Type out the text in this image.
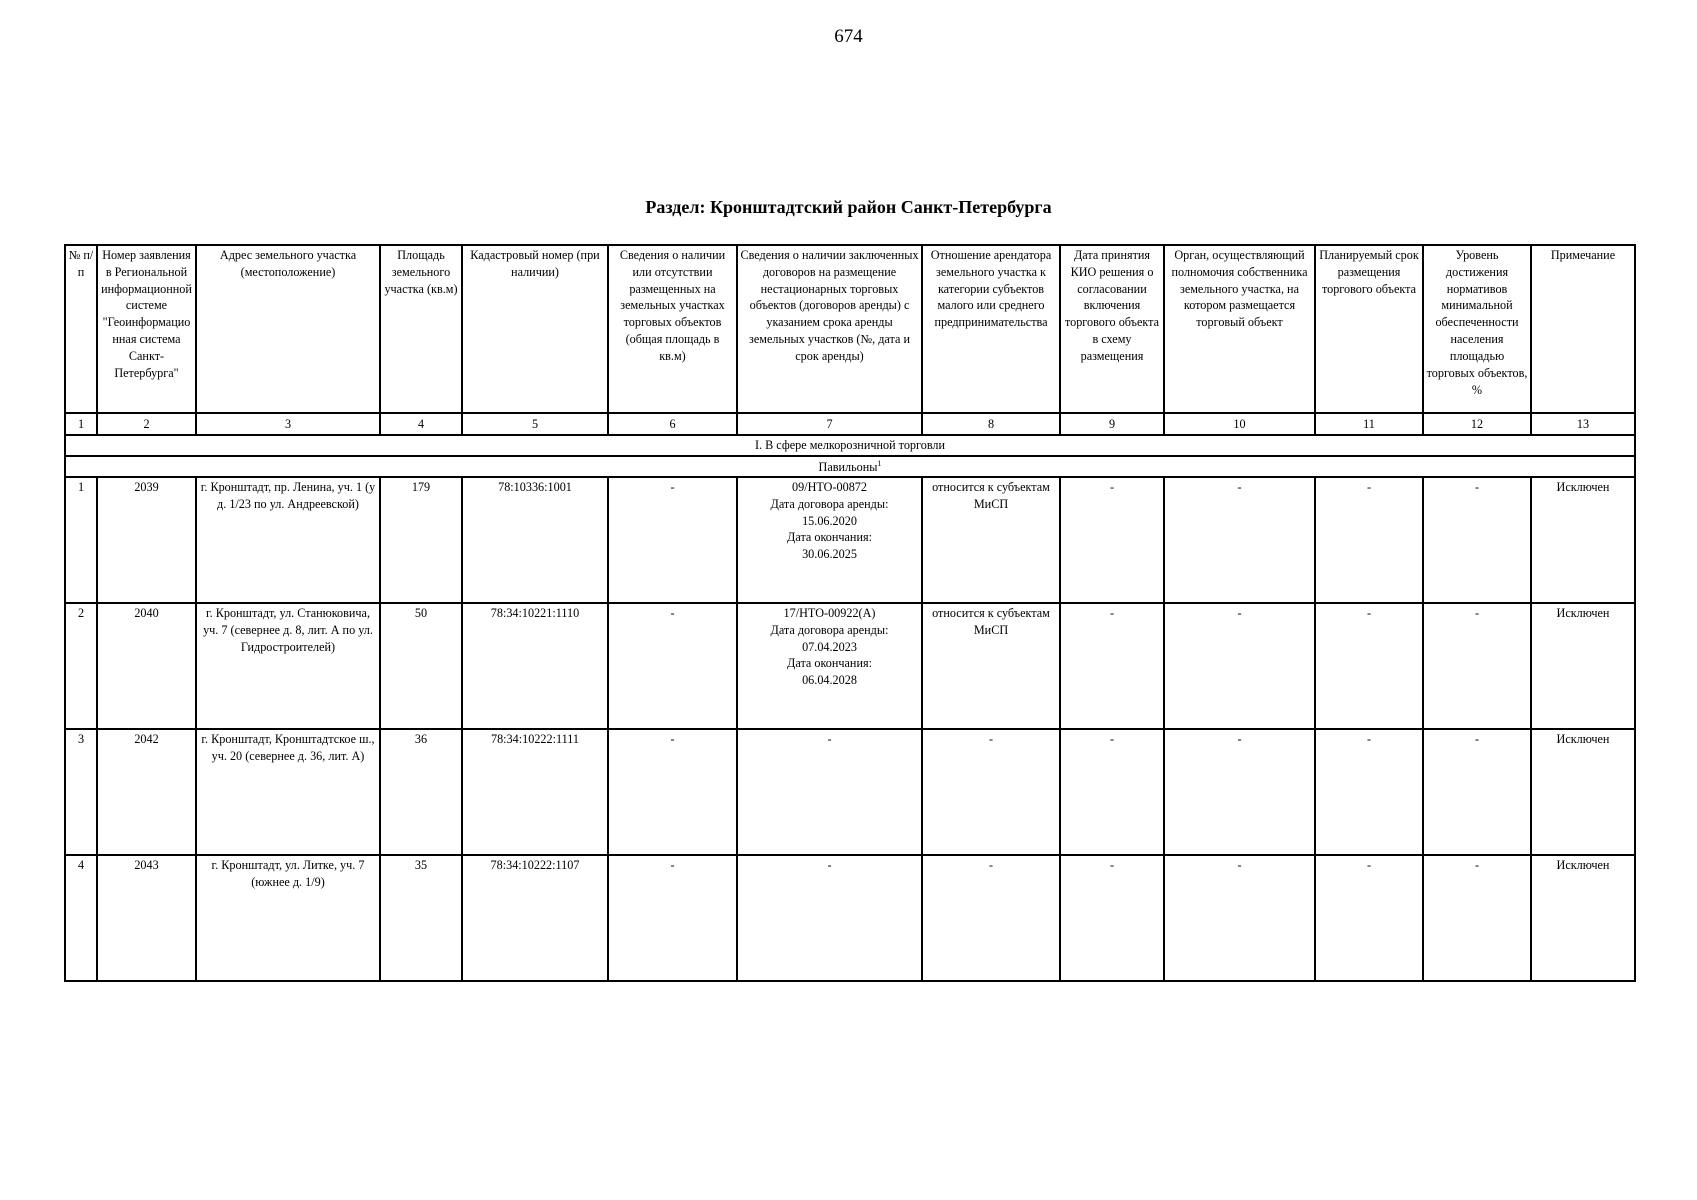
674
Раздел: Кронштадтский район Санкт-Петербурга
№ п/п	Номер заявления в Региональной информационной системе "Геоинформационная система Санкт-Петербурга"	Адрес земельного участка (местоположение)	Площадь земельного участка (кв.м)	Кадастровый номер (при наличии)	Сведения о наличии или отсутствии размещенных на земельных участках торговых объектов (общая площадь в кв.м)	Сведения о наличии заключенных договоров на размещение нестационарных торговых объектов (договоров аренды) с указанием срока аренды земельных участков (№, дата и срок аренды)	Отношение арендатора земельного участка к категории субъектов малого или среднего предпринимательства	Дата принятия КИО решения о согласовании включения торгового объекта в схему размещения	Орган, осуществляющий полномочия собственника земельного участка, на котором размещается торговый объект	Планируемый срок размещения торгового объекта	Уровень достижения нормативов минимальной обеспеченности населения площадью торговых объектов, %	Примечание
1	2	3	4	5	6	7	8	9	10	11	12	13
I. В сфере мелкорозничной торговли												
Павильоны$^1$
1	2039	г. Кронштадт, пр. Ленина, уч. 1 (у д. 1/23 по ул. Андреевской)	179	78:10336:1001	-	09/НТО-00872
Дата договора аренды:
15.06.2020
Дата окончания:
30.06.2025	относится к субъектам МиСП	-	-	-	-	Исключен
2	2040	г. Кронштадт, ул. Станюковича, уч. 7 (севернее д. 8, лит. А по ул. Гидростроителей)	50	78:34:10221:1110	-	17/НТО-00922(А)
Дата договора аренды:
07.04.2023
Дата окончания:
06.04.2028	относится к субъектам МиСП	-	-	-	-	Исключен
3	2042	г. Кронштадт, Кронштадтское ш., уч. 20 (севернее д. 36, лит. А)	36	78:34:10222:1111	-	-	-	-	-	-	-	Исключен
4	2043	г. Кронштадт, ул. Литке, уч. 7 (южнее д. 1/9)	35	78:34:10222:1107	-	-	-	-	-	-	-	Исключен
